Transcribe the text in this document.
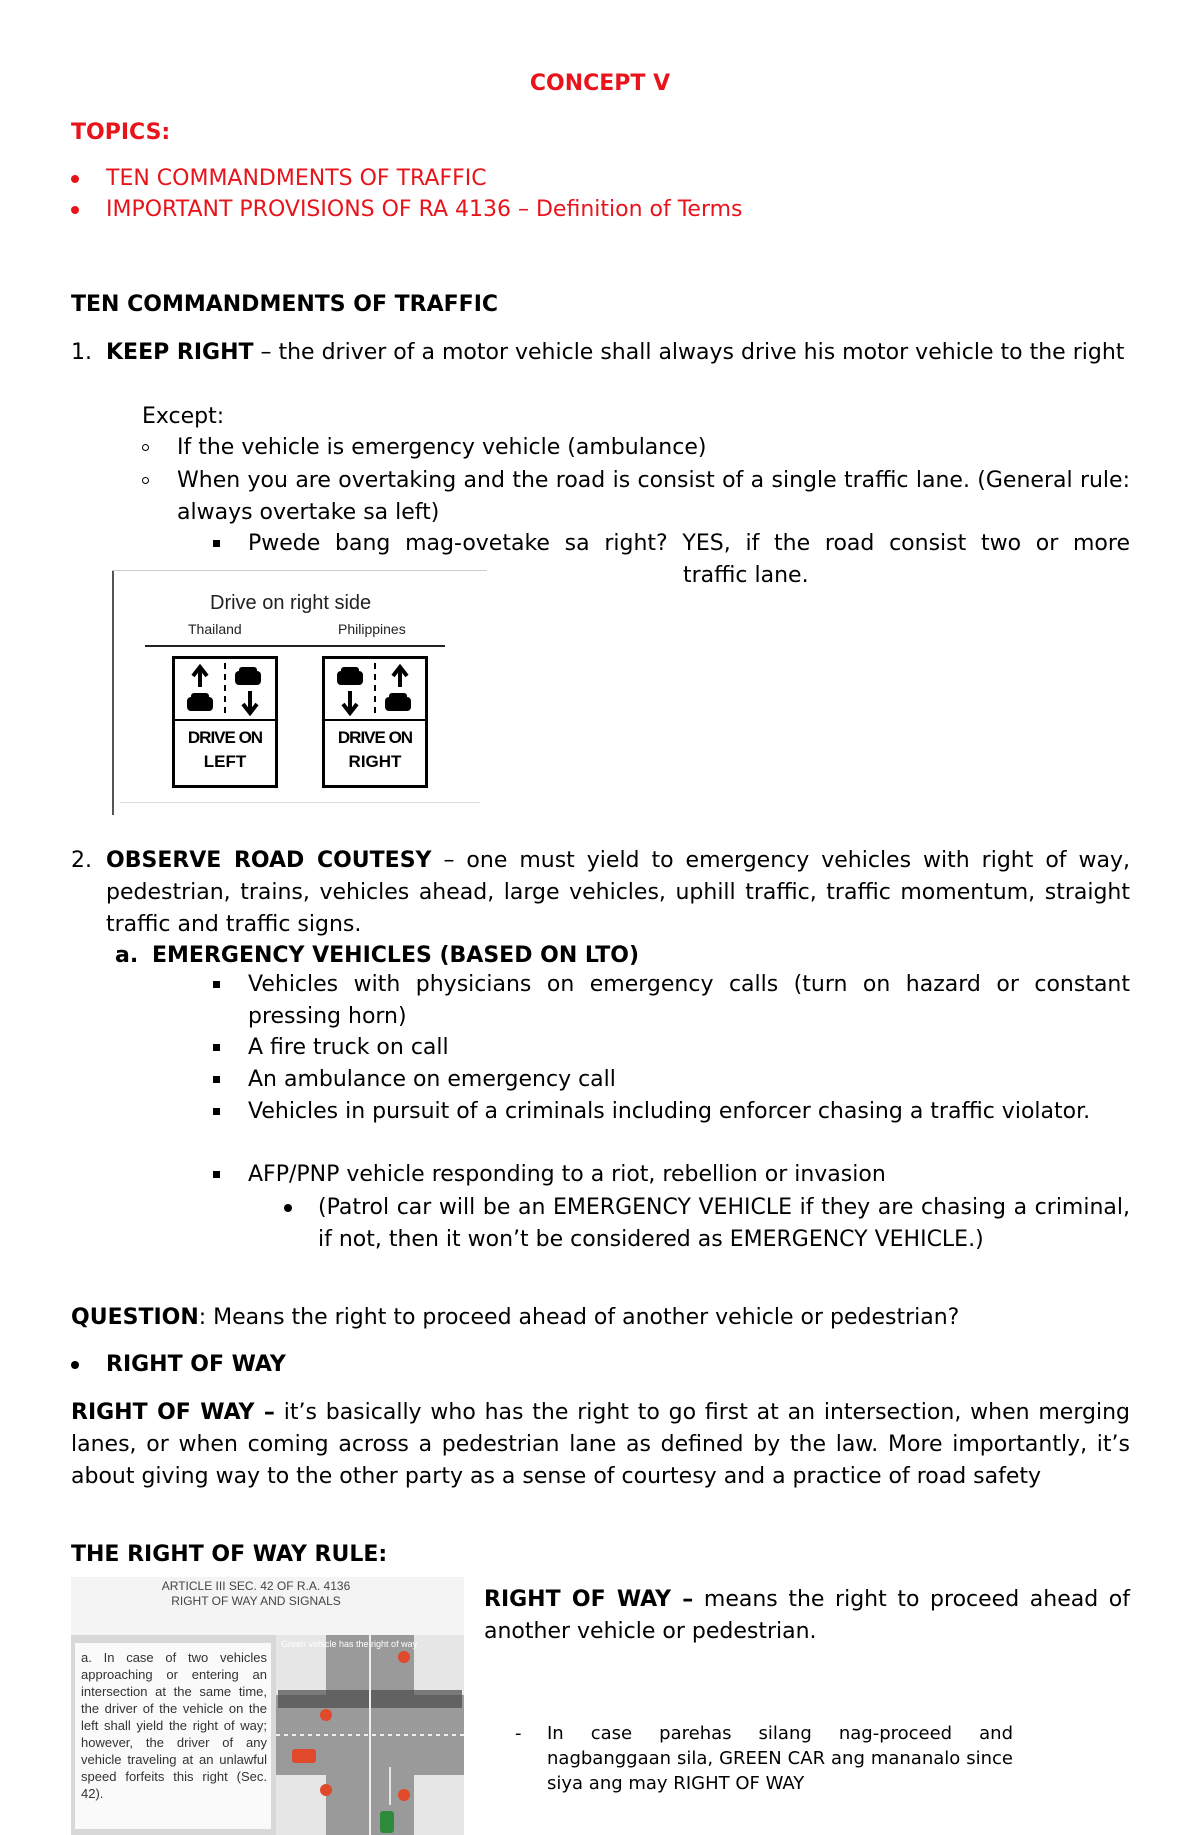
CONCEPT V
TOPICS:
TEN COMMANDMENTS OF TRAFFIC
IMPORTANT PROVISIONS OF RA 4136 – Definition of Terms
TEN COMMANDMENTS OF TRAFFIC
1. KEEP RIGHT – the driver of a motor vehicle shall always drive his motor vehicle to the right
Except:
If the vehicle is emergency vehicle (ambulance)
When you are overtaking and the road is consist of a single traffic lane. (General rule: always overtake sa left)
Pwede bang mag-ovetake sa right? YES, if the road consist two or more
traffic lane.
Drive on right side
Thailand	Philippines
DRIVE ON
LEFT
DRIVE ON
RIGHT
2. OBSERVE ROAD COUTESY – one must yield to emergency vehicles with right of way, pedestrian, trains, vehicles ahead, large vehicles, uphill traffic, traffic momentum, straight traffic and traffic signs.
a. EMERGENCY VEHICLES (BASED ON LTO)
Vehicles with physicians on emergency calls (turn on hazard or constant pressing horn)
A fire truck on call
An ambulance on emergency call
Vehicles in pursuit of a criminals including enforcer chasing a traffic violator.
AFP/PNP vehicle responding to a riot, rebellion or invasion
(Patrol car will be an EMERGENCY VEHICLE if they are chasing a criminal, if not, then it won’t be considered as EMERGENCY VEHICLE.)
QUESTION: Means the right to proceed ahead of another vehicle or pedestrian?
RIGHT OF WAY
RIGHT OF WAY – it’s basically who has the right to go first at an intersection, when merging lanes, or when coming across a pedestrian lane as defined by the law. More importantly, it’s about giving way to the other party as a sense of courtesy and a practice of road safety
THE RIGHT OF WAY RULE:
ARTICLE III SEC. 42 OF R.A. 4136
RIGHT OF WAY AND SIGNALS
a. In case of two vehicles approaching or entering an intersection at the same time, the driver of the vehicle on the left shall yield the right of way; however, the driver of any vehicle traveling at an unlawful speed forfeits this right (Sec. 42).
Green vehicle has the right of way
RIGHT OF WAY – means the right to proceed ahead of another vehicle or pedestrian.
- In case parehas silang nag-proceed and nagbanggaan sila, GREEN CAR ang mananalo since siya ang may RIGHT OF WAY
